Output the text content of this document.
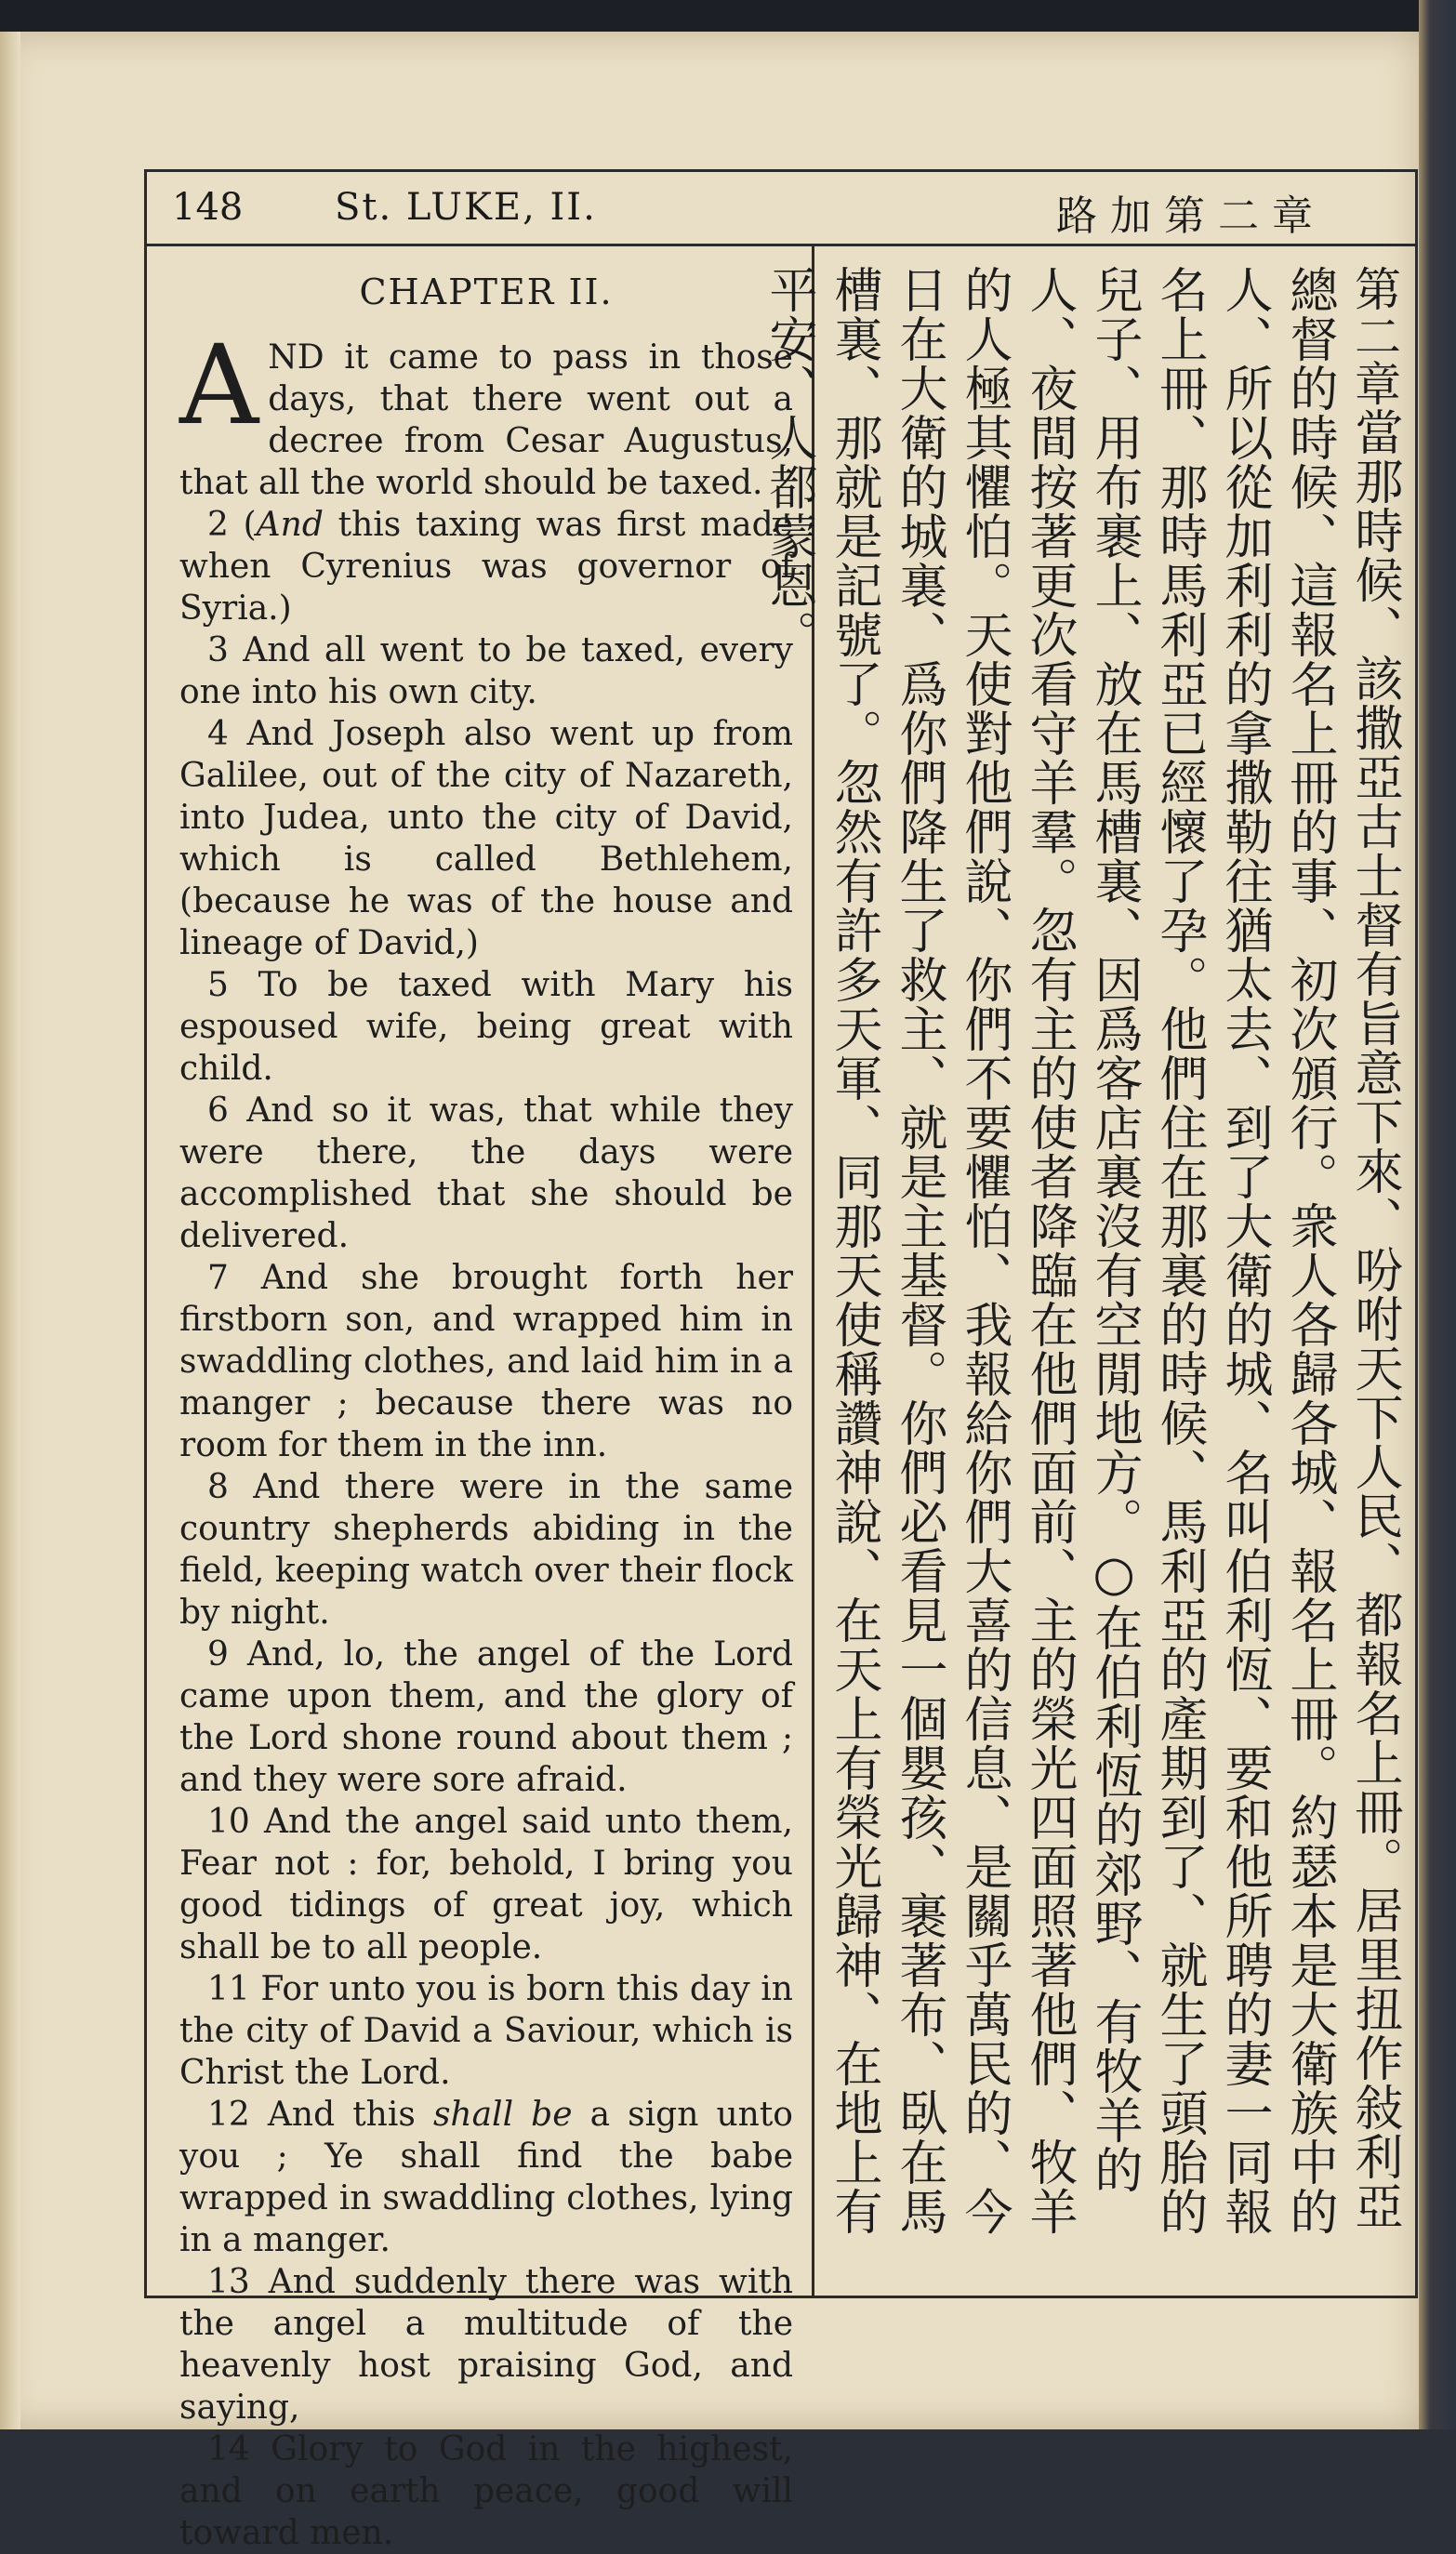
148 St. LUKE, II.	路加第二章
CHAPTER II.

AND it came to pass in those days, that there went out a decree from Cesar Augustus, that all the world should be taxed.

2 (And this taxing was first made when Cyrenius was governor of Syria.)

3 And all went to be taxed, every one into his own city.

4 And Joseph also went up from Galilee, out of the city of Nazareth, into Judea, unto the city of David, which is called Bethlehem, (because he was of the house and lineage of David,)

5 To be taxed with Mary his espoused wife, being great with child.

6 And so it was, that while they were there, the days were accomplished that she should be delivered.

7 And she brought forth her firstborn son, and wrapped him in swaddling clothes, and laid him in a manger ; because there was no room for them in the inn.

8 And there were in the same country shepherds abiding in the field, keeping watch over their flock by night.

9 And, lo, the angel of the Lord came upon them, and the glory of the Lord shone round about them ; and they were sore afraid.

10 And the angel said unto them, Fear not : for, behold, I bring you good tidings of great joy, which shall be to all people.

11 For unto you is born this day in the city of David a Saviour, which is Christ the Lord.

12 And this shall be a sign unto you ; Ye shall find the babe wrapped in swaddling clothes, lying in a manger.

13 And suddenly there was with the angel a multitude of the heavenly host praising God, and saying,

14 Glory to God in the highest, and on earth peace, good will toward men.

第二章當那時候、該撒亞古士督有旨意下來、吩咐天下人民、都報名上冊。居里扭作敍利亞總督的時候、這報名上冊的事、初次頒行。衆人各歸各城、報名上冊。約瑟本是大衛族中的人、所以從加利利的拿撒勒往猶太去、到了大衛的城、名叫伯利恆、要和他所聘的妻一同報名上冊、那時馬利亞已經懷了孕。他們住在那裏的時候、馬利亞的產期到了、就生了頭胎的兒子、用布裹上、放在馬槽裏、因爲客店裏沒有空閒地方。○在伯利恆的郊野、有牧羊的人、夜間按著更次看守羊羣。忽有主的使者降臨在他們面前、主的榮光四面照著他們、牧羊的人極其懼怕。天使對他們說、你們不要懼怕、我報給你們大喜的信息、是關乎萬民的、今日在大衛的城裏、爲你們降生了救主、就是主基督。你們必看見一個嬰孩、裹著布、臥在馬槽裏、那就是記號了。忽然有許多天軍、同那天使稱讚神說、在天上有榮光歸神、在地上有平安、人都蒙恩。
